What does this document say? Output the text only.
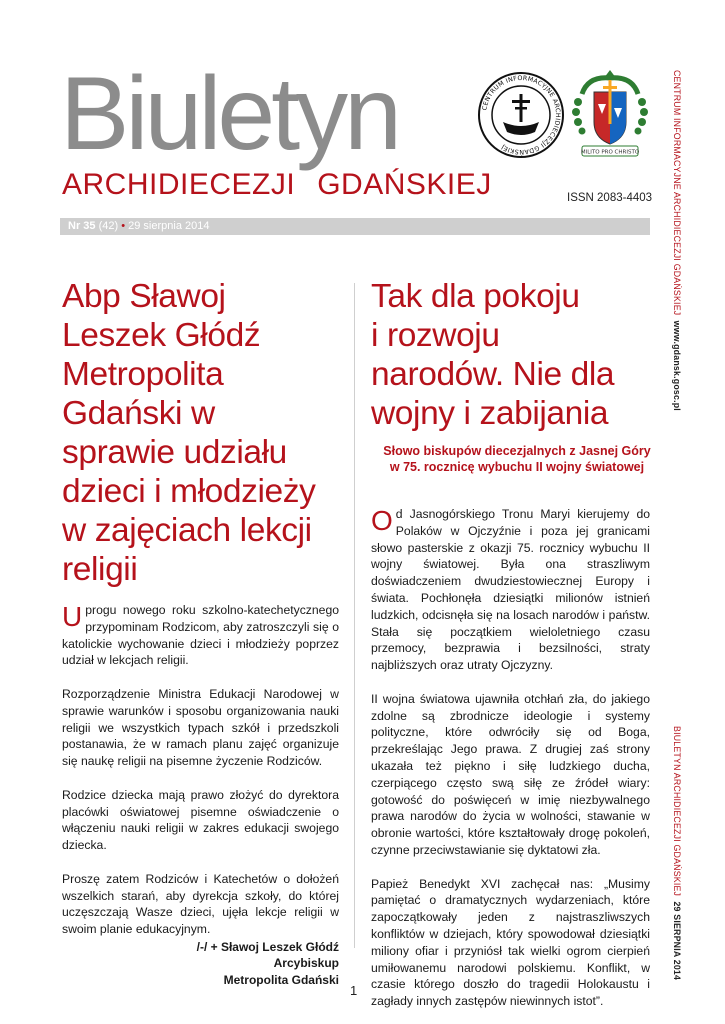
Biuletyn
ARCHIDIECEZJI GDAŃSKIEJ	ISSN 2083-4403
CENTRUM INFORMACYJNE ARCHIDIECEZJI GDAŃSKIEJ
MILITO PRO CHRISTO
Nr 35 (42) • 29 sierpnia 2014	CENTRUM INFORMACYJNE ARCHIDIECEZJI GDAŃSKIEJ  www.gdansk.gosc.pl
BIULETYN ARCHIDIECEZJI GDAŃSKIEJ  29 SIERPNIA 2014
Abp Sławoj
Leszek Głódź
Metropolita
Gdański w
sprawie udziału
dzieci i młodzieży
w zajęciach lekcji
religii

Uprogu nowego roku szkolno-katechetycznego przypominam Rodzicom, aby zatroszczyli się o katolickie wychowanie dzieci i młodzieży poprzez udział w lekcjach religii.

Rozporządzenie Ministra Edukacji Narodowej w sprawie warunków i sposobu organizowania nauki religii we wszystkich typach szkół i przedszkoli postanawia, że w ramach planu zajęć organizuje się naukę religii na pisemne życzenie Rodziców.

Rodzice dziecka mają prawo złożyć do dyrektora placówki oświatowej pisemne oświadczenie o włączeniu nauki religii w zakres edukacji swojego dziecka.

Proszę zatem Rodziców i Katechetów o dołożeń wszelkich starań, aby dyrekcja szkoły, do której uczęszczają Wasze dzieci, ujęła lekcje religii w swoim planie edukacyjnym.

/-/ + Sławoj Leszek Głódź
Arcybiskup
Metropolita Gdański
Tak dla pokoju
i rozwoju
narodów. Nie dla
wojny i zabijania
Słowo biskupów diecezjalnych z Jasnej Góry w 75. rocznicę wybuchu II wojny światowej

Od Jasnogórskiego Tronu Maryi kierujemy do Polaków w Ojczyźnie i poza jej granicami słowo pasterskie z okazji 75. rocznicy wybuchu II wojny światowej. Była ona straszliwym doświadczeniem dwudziestowiecznej Europy i świata. Pochłonęła dziesiątki milionów istnień ludzkich, odcisnęła się na losach narodów i państw. Stała się początkiem wieloletniego czasu przemocy, bezprawia i bezsilności, straty najbliższych oraz utraty Ojczyzny.

II wojna światowa ujawniła otchłań zła, do jakiego zdolne są zbrodnicze ideologie i systemy polityczne, które odwróciły się od Boga, przekreślając Jego prawa. Z drugiej zaś strony ukazała też piękno i siłę ludzkiego ducha, czerpiącego często swą siłę ze źródeł wiary: gotowość do poświęceń w imię niezbywalnego prawa narodów do życia w wolności, stawanie w obronie wartości, które kształtowały drogę pokoleń, czynne przeciwstawianie się dyktatowi zła.

Papież Benedykt XVI zachęcał nas: „Musimy pamiętać o dramatycznych wydarzeniach, które zapoczątkowały jeden z najstraszliwszych konfliktów w dziejach, który spowodował dziesiątki miliony ofiar i przyniósł tak wielki ogrom cierpień umiłowanemu narodowi polskiemu. Konflikt, w czasie którego doszło do tragedii Holokaustu i zagłady innych zastępów niewinnych istot”.

1
